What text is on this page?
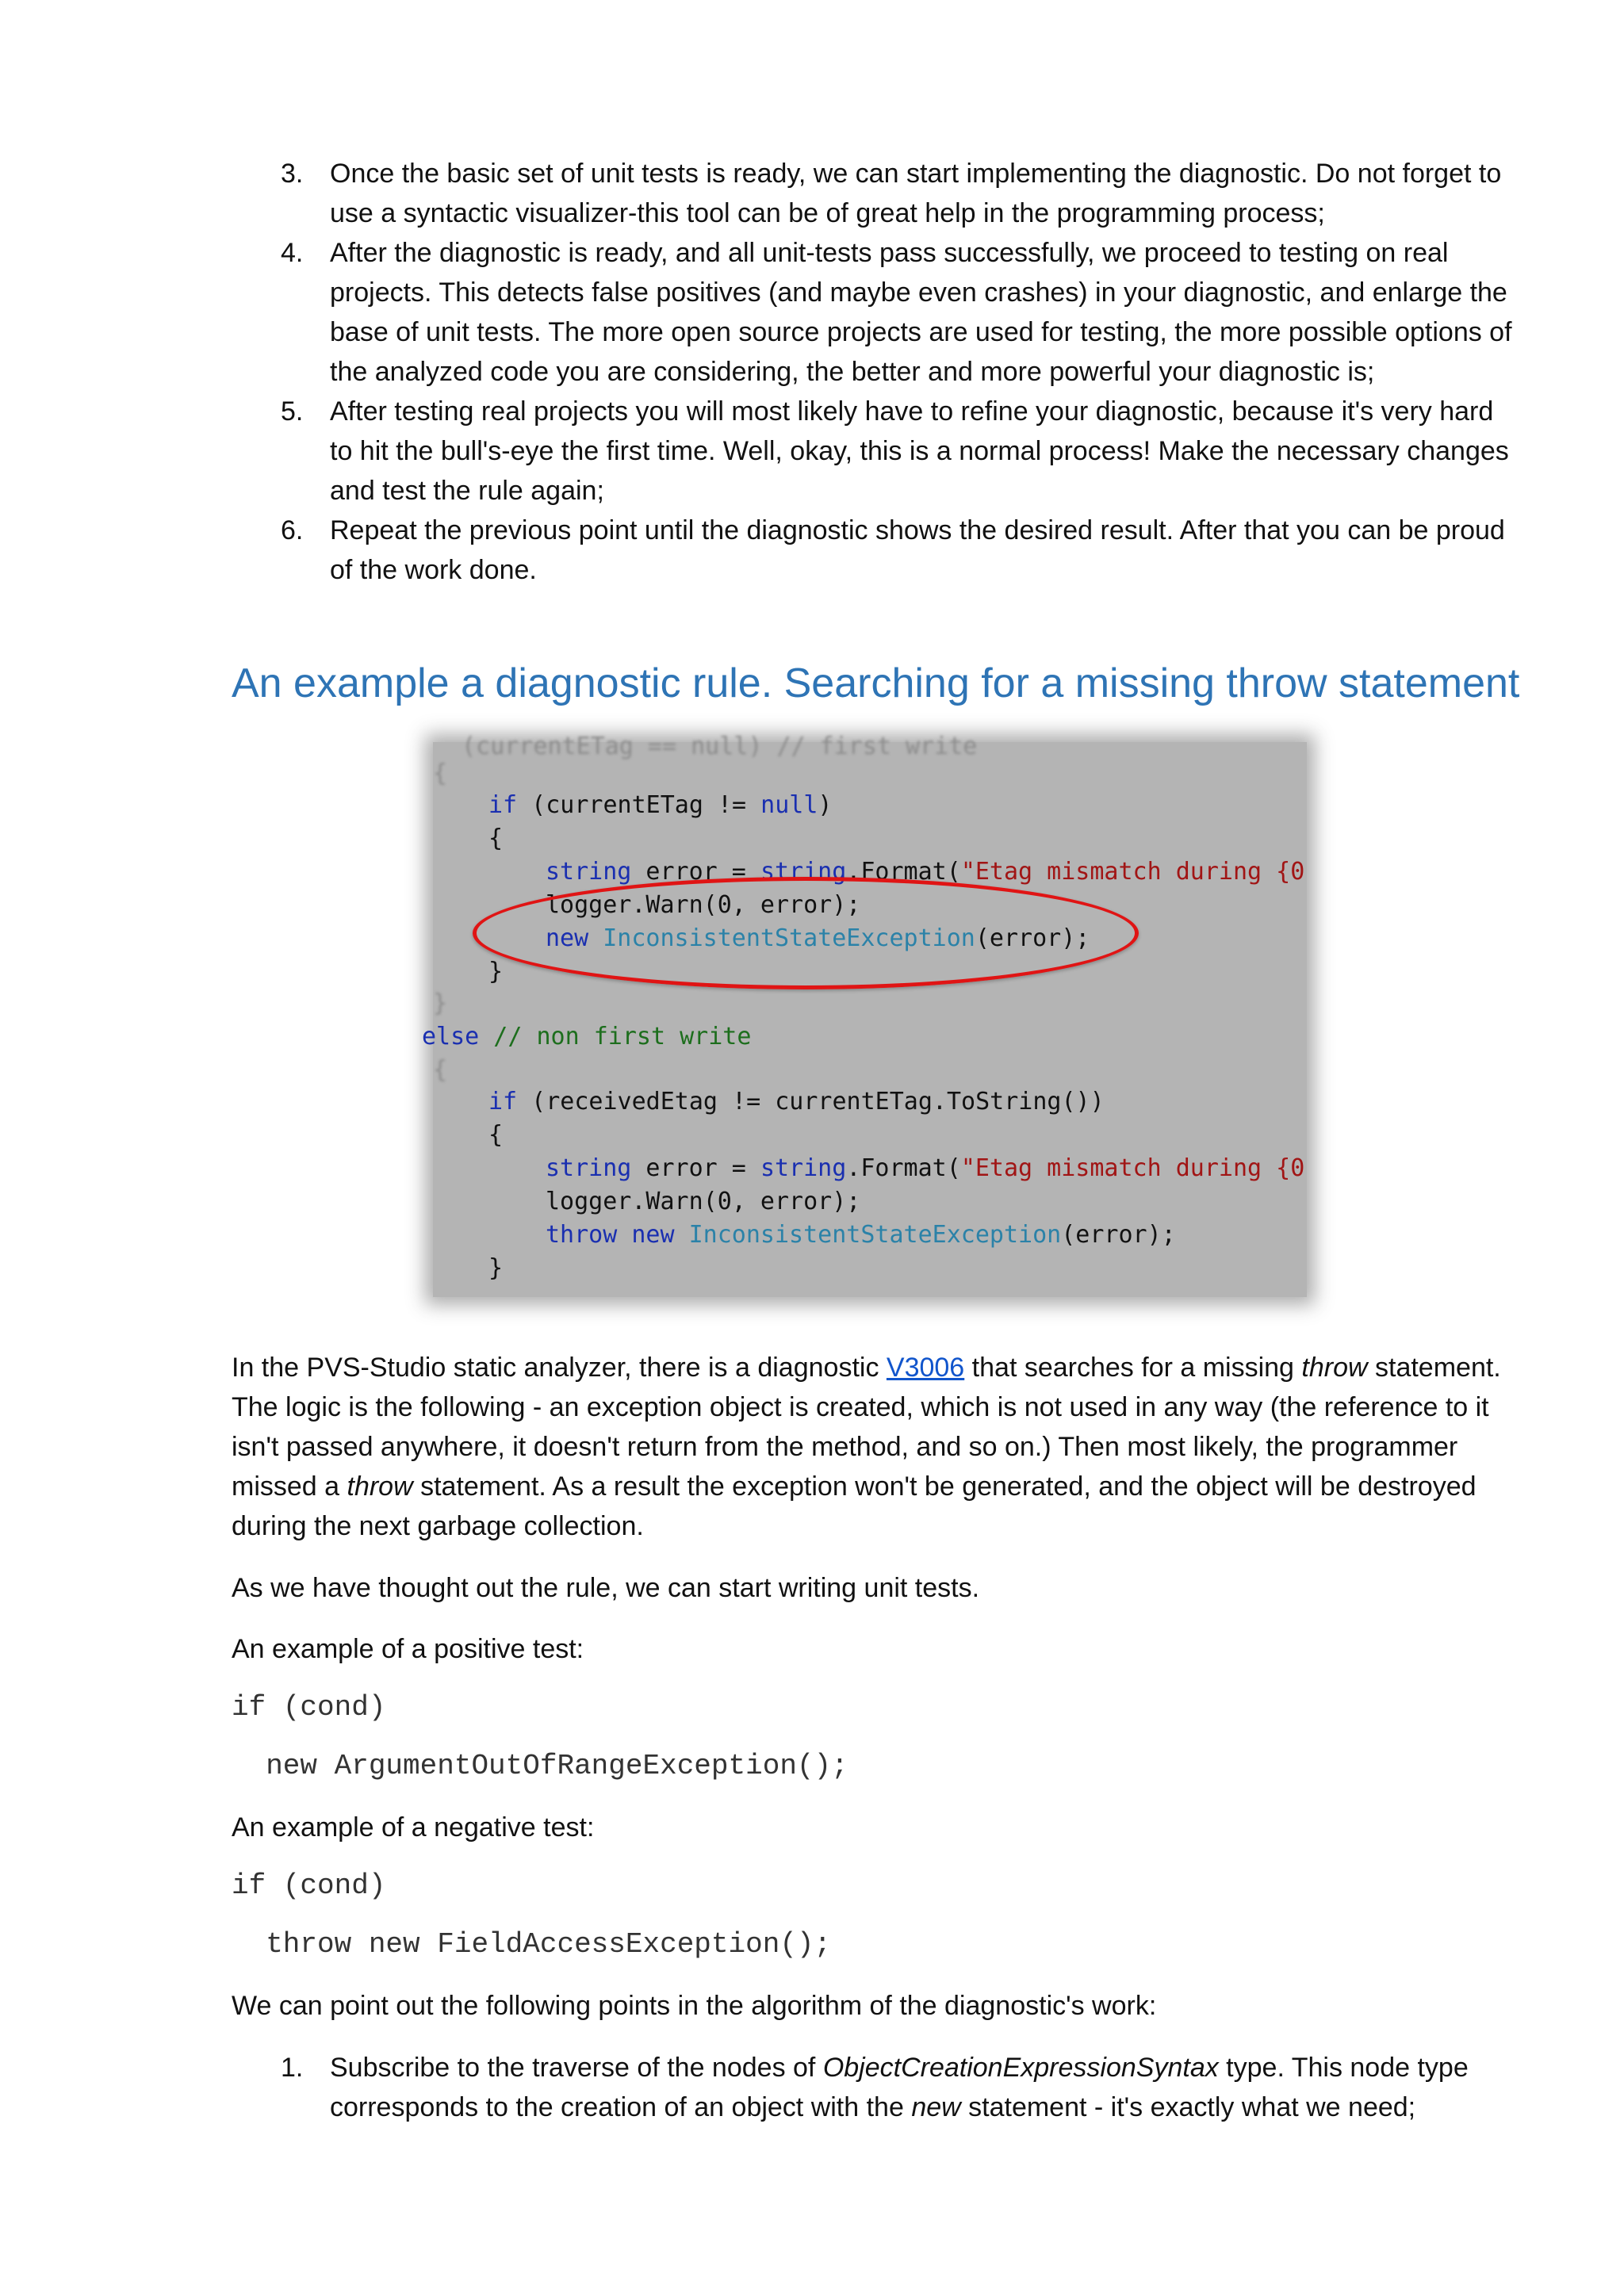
3. Once the basic set of unit tests is ready, we can start implementing the diagnostic. Do not forget to use a syntactic visualizer-this tool can be of great help in the programming process;
4. After the diagnostic is ready, and all unit-tests pass successfully, we proceed to testing on real projects. This detects false positives (and maybe even crashes) in your diagnostic, and enlarge the base of unit tests. The more open source projects are used for testing, the more possible options of the analyzed code you are considering, the better and more powerful your diagnostic is;
5. After testing real projects you will most likely have to refine your diagnostic, because it's very hard to hit the bull's-eye the first time. Well, okay, this is a normal process! Make the necessary changes and test the rule again;
6. Repeat the previous point until the diagnostic shows the desired result. After that you can be proud of the work done.
An example a diagnostic rule. Searching for a missing throw statement
(currentETag == null) // first write
{
if (currentETag != null)
{
string error = string.Format("Etag mismatch during {0
logger.Warn(0, error);
new InconsistentStateException(error);
}
}
else // non first write
{
if (receivedEtag != currentETag.ToString())
{
string error = string.Format("Etag mismatch during {0
logger.Warn(0, error);
throw new InconsistentStateException(error);
}

In the PVS-Studio static analyzer, there is a diagnostic V3006 that searches for a missing throw statement. The logic is the following - an exception object is created, which is not used in any way (the reference to it isn't passed anywhere, it doesn't return from the method, and so on.) Then most likely, the programmer missed a throw statement. As a result the exception won't be generated, and the object will be destroyed during the next garbage collection.

As we have thought out the rule, we can start writing unit tests.

An example of a positive test:

if (cond)
new ArgumentOutOfRangeException();

An example of a negative test:

if (cond)
throw new FieldAccessException();

We can point out the following points in the algorithm of the diagnostic's work:

1. Subscribe to the traverse of the nodes of ObjectCreationExpressionSyntax type. This node type corresponds to the creation of an object with the new statement - it's exactly what we need;
